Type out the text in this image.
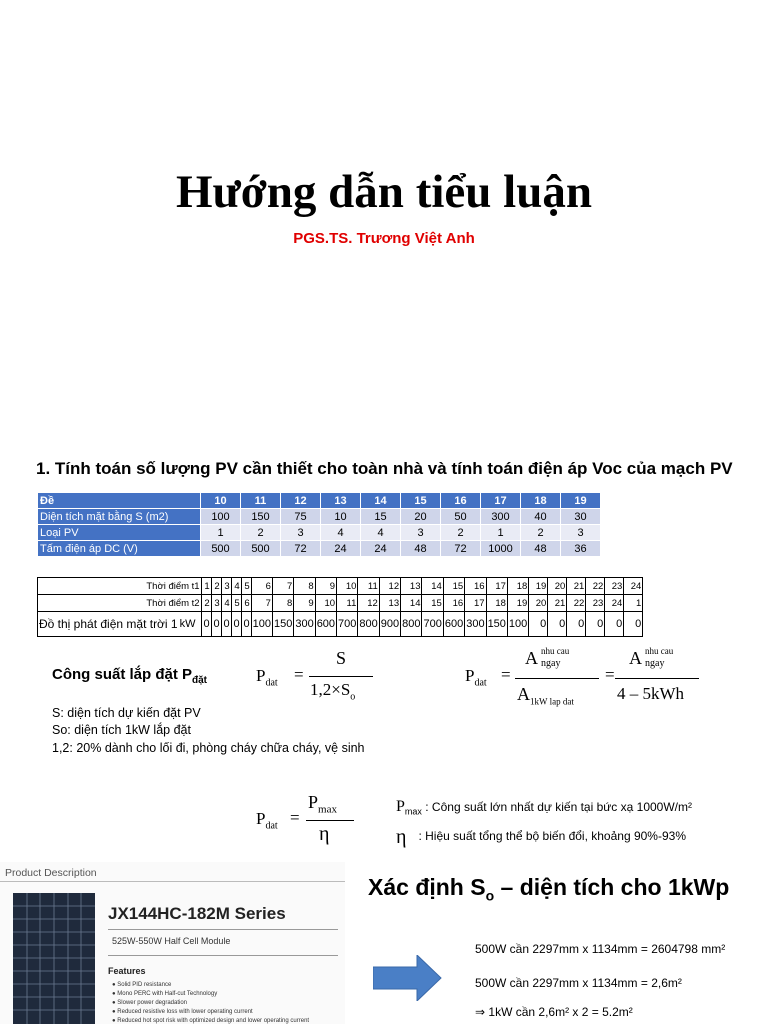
Hướng dẫn tiểu luận
PGS.TS. Trương Việt Anh
1. Tính toán số lượng PV cần thiết cho toàn nhà và tính toán điện áp Voc của mạch PV
Đề	10	11	12	13	14	15	16	17	18	19
Diện tích mặt bằng S (m2)	100	150	75	10	15	20	50	300	40	30
Loại PV	1	2	3	4	4	3	2	1	2	3
Tấm điện áp DC (V)	500	500	72	24	24	48	72	1000	48	36
Thời điểm t1		1	2	3	4	5	6	7	8	9	10	11	12	13	14	15	16	17	18	19	20	21	22	23	24
Thời điểm t2		2	3	4	5	6	7	8	9	10	11	12	13	14	15	16	17	18	19	20	21	22	23	24	1
Đồ thị phát điện mặt trời 1	kW	0	0	0	0	0	100	150	300	600	700	800	900	800	700	600	300	150	100	0	0	0	0	0	0
Công suất lắp đặt $P_{đặt}$	$P_{dat}$ =
S
$1,2\times S_o$
$P_{dat}$ =
A nhu cau
ngay
$A_{1kW lap dat}$
=
A nhu cau
ngay
4 – 5kWh
S: diện tích dự kiến đặt PV
So: diện tích 1kW lắp đặt
1,2: 20% dành cho lối đi, phòng cháy chữa cháy, vệ sinh
$P_{dat}$ =
$P_{max}$
η
$P_{max}$ : Công suất lớn nhất dự kiến tại bức xạ 1000W/m²
η : Hiệu suất tổng thể bộ biến đổi, khoảng 90%-93%
Product Description
JX144HC-182M Series
525W-550W Half Cell Module
Features
● Solid PID resistance
● Mono PERC with Half-cut Technology
● Slower power degradation
● Reduced resistive loss with lower operating current
● Reduced hot spot risk with optimized design and lower operating current
Xác định $S_o$ – diện tích cho 1kWp
500W cần 2297mm x 1134mm = 2604798 mm²
500W cần 2297mm x 1134mm = 2,6m²
⇒ 1kW cần 2,6m² x 2 = 5.2m²
